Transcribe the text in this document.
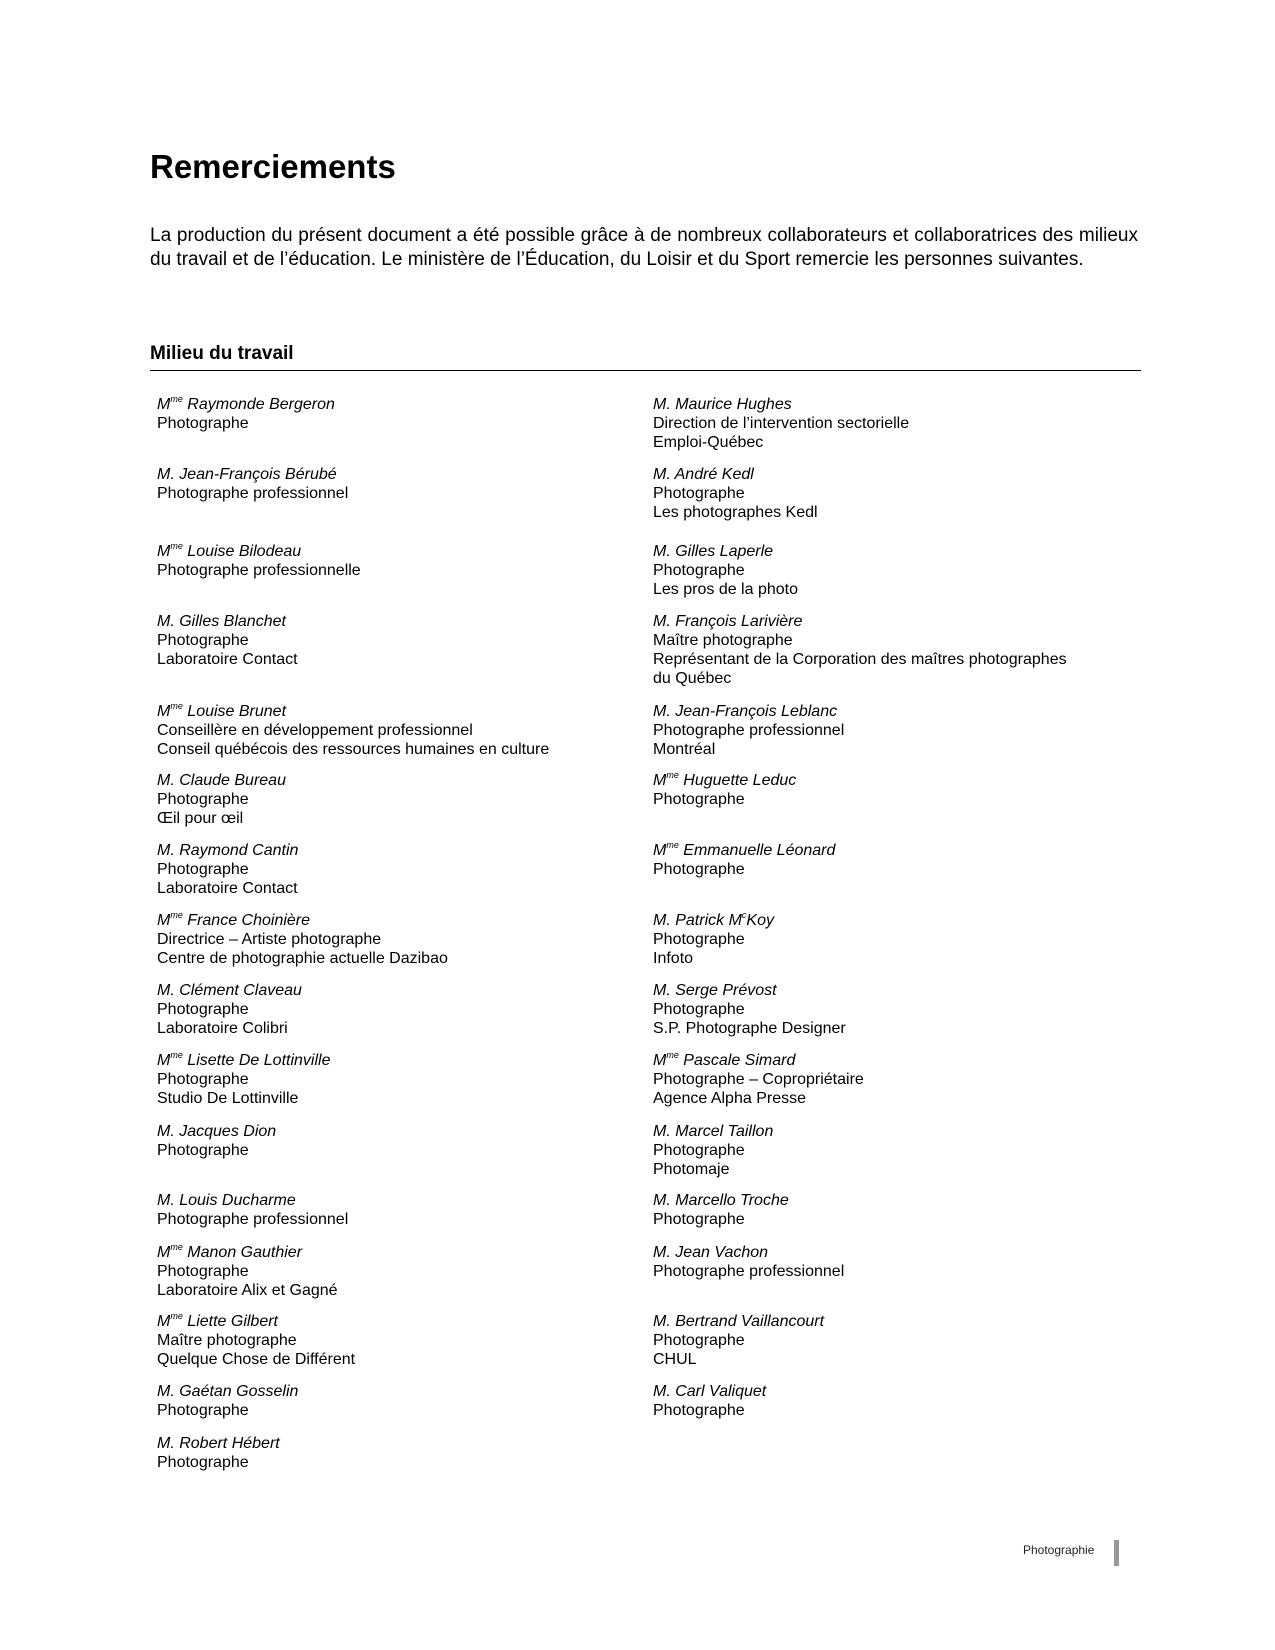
Remerciements

La production du présent document a été possible grâce à de nombreux collaborateurs et collaboratrices des milieux du travail et de l’éducation. Le ministère de l’Éducation, du Loisir et du Sport remercie les personnes suivantes.

Milieu du travail
$M^{me}$ Raymonde Bergeron
Photographe
M. Jean-François Bérubé
Photographe professionnel
$M^{me}$ Louise Bilodeau
Photographe professionnelle
M. Gilles Blanchet
Photographe
Laboratoire Contact
$M^{me}$ Louise Brunet
Conseillère en développement professionnel
Conseil québécois des ressources humaines en culture
M. Claude Bureau
Photographe
Œil pour œil
M. Raymond Cantin
Photographe
Laboratoire Contact
$M^{me}$ France Choinière
Directrice – Artiste photographe
Centre de photographie actuelle Dazibao
M. Clément Claveau
Photographe
Laboratoire Colibri
$M^{me}$ Lisette De Lottinville
Photographe
Studio De Lottinville
M. Jacques Dion
Photographe
M. Louis Ducharme
Photographe professionnel
$M^{me}$ Manon Gauthier
Photographe
Laboratoire Alix et Gagné
$M^{me}$ Liette Gilbert
Maître photographe
Quelque Chose de Différent
M. Gaétan Gosselin
Photographe
M. Robert Hébert
Photographe
M. Maurice Hughes
Direction de l’intervention sectorielle
Emploi-Québec
M. André Kedl
Photographe
Les photographes Kedl
M. Gilles Laperle
Photographe
Les pros de la photo
M. François Larivière
Maître photographe
Représentant de la Corporation des maîtres photographes
du Québec
M. Jean-François Leblanc
Photographe professionnel
Montréal
$M^{me}$ Huguette Leduc
Photographe
$M^{me}$ Emmanuelle Léonard
Photographe
M. Patrick $M^cKoy$
Photographe
Infoto
M. Serge Prévost
Photographe
S.P. Photographe Designer
$M^{me}$ Pascale Simard
Photographe – Copropriétaire
Agence Alpha Presse
M. Marcel Taillon
Photographe
Photomaje
M. Marcello Troche
Photographe
M. Jean Vachon
Photographe professionnel
M. Bertrand Vaillancourt
Photographe
CHUL
M. Carl Valiquet
Photographe
Photographie
